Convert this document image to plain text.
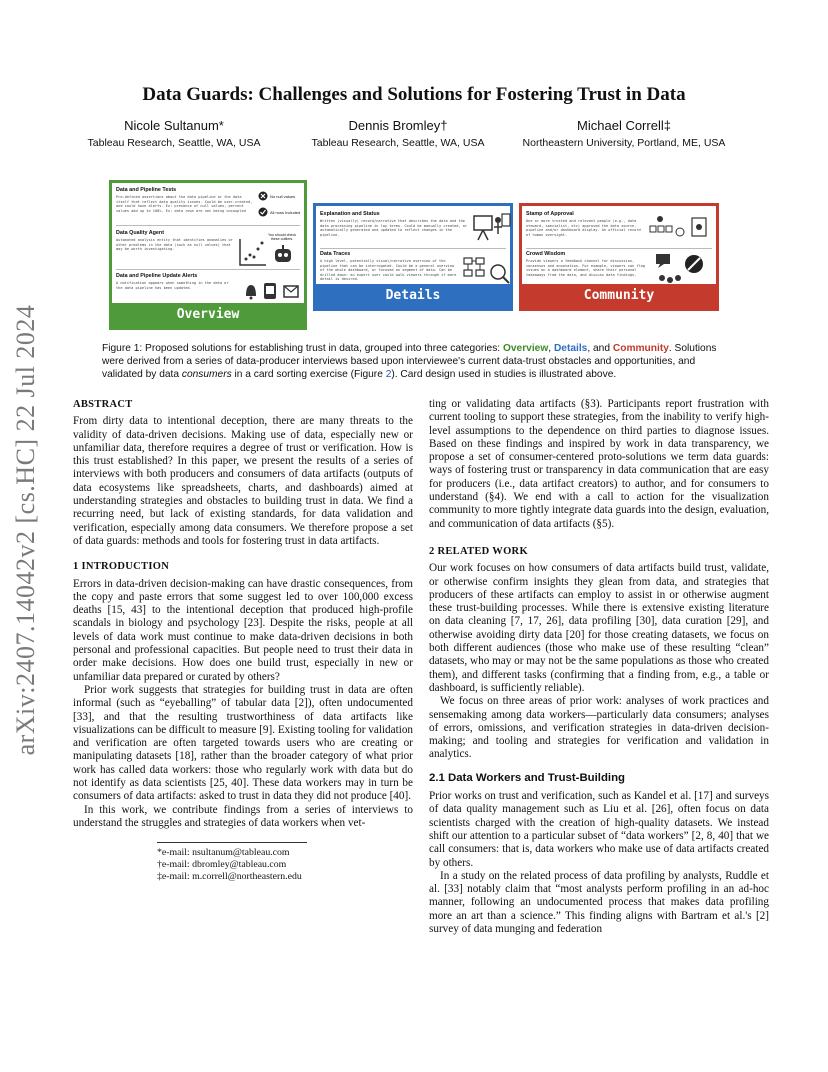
arXiv:2407.14042v2 [cs.HC] 22 Jul 2024
Data Guards: Challenges and Solutions for Fostering Trust in Data
Nicole Sultanum*
Tableau Research, Seattle, WA, USA
Dennis Bromley†
Tableau Research, Seattle, WA, USA
Michael Correll‡
Northeastern University, Portland, ME, USA
Data and Pipeline Tests
Pre-defined assertions about the data pipeline or the data itself that reflect data quality issues. Could be user-created, and could have alerts. Ex: presence of null values, percent values add up to 100%. Ex: data rows are not being uncoupled
No null values
All rows Included
Data Quality Agent
Automated analysis entity that identifies anomalies or other problems in the data (such as null values) that may be worth investigating.
You should check these outliers.
Data and Pipeline Update Alerts
A notification appears when something in the data or the data pipeline has been updated.
Overview
Explanation and Status
Written (visually) record/narrative that describes the data and the data processing pipeline in lay terms. Could be manually created, or automatically generated and updated to reflect changes in the pipeline.
Data Traces
A high level, potentially visual/narrative overview of the pipeline that can be interrogated. Could be a general overview of the whole dashboard, or focused on segment of data. Can be drilled down: an expert user could walk viewers through if more detail is desired.
Details
Stamp of Approval
One or more trusted and relevant people (e.g., data steward, specialist, etc) approved the data source, pipeline and/or dashboard display. An official record of human oversight.
Crowd Wisdom
Provide viewers a feedback channel for discussion, consensus and annotation. For example, viewers can flag issues on a dashboard element, share their personal takeaways from the data, and discuss data findings.
Community
Figure 1: Proposed solutions for establishing trust in data, grouped into three categories: Overview, Details, and Community. Solutions were derived from a series of data-producer interviews based upon interviewee's current data-trust obstacles and opportunities, and validated by data consumers in a card sorting exercise (Figure 2). Card design used in studies is illustrated above.
ABSTRACT

From dirty data to intentional deception, there are many threats to the validity of data-driven decisions. Making use of data, especially new or unfamiliar data, therefore requires a degree of trust or verification. How is this trust established? In this paper, we present the results of a series of interviews with both producers and consumers of data artifacts (outputs of data ecosystems like spreadsheets, charts, and dashboards) aimed at understanding strategies and obstacles to building trust in data. We find a recurring need, but lack of existing standards, for data validation and verification, especially among data consumers. We therefore propose a set of data guards: methods and tools for fostering trust in data artifacts.

1 INTRODUCTION

Errors in data-driven decision-making can have drastic consequences, from the copy and paste errors that some suggest led to over 100,000 excess deaths [15, 43] to the intentional deception that produced high-profile scandals in biology and psychology [23]. Despite the risks, people at all levels of data work must continue to make data-driven decisions in both personal and professional capacities. But people need to trust their data in order make decisions. How does one build trust, especially in new or unfamiliar data prepared or curated by others?

Prior work suggests that strategies for building trust in data are often informal (such as “eyeballing” of tabular data [2]), often undocumented [33], and that the resulting trustworthiness of data artifacts like visualizations can be difficult to measure [9]. Existing tooling for validation and verification are often targeted towards users who are creating or manipulating datasets [18], rather than the broader category of what prior work has called data workers: those who regularly work with data but do not identify as data scientists [25, 40]. These data workers may in turn be consumers of data artifacts: asked to trust in data they did not produce [40].

In this work, we contribute findings from a series of interviews to understand the struggles and strategies of data workers when vet-

*e-mail: nsultanum@tableau.com
†e-mail: dbromley@tableau.com
‡e-mail: m.correll@northeastern.edu

ting or validating data artifacts (§3). Participants report frustration with current tooling to support these strategies, from the inability to verify high-level assumptions to the dependence on third parties to diagnose issues. Based on these findings and inspired by work in data transparency, we propose a set of consumer-centered proto-solutions we term data guards: ways of fostering trust or transparency in data communication that are easy for producers (i.e., data artifact creators) to author, and for consumers to understand (§4). We end with a call to action for the visualization community to more tightly integrate data guards into the design, evaluation, and communication of data artifacts (§5).

2 RELATED WORK

Our work focuses on how consumers of data artifacts build trust, validate, or otherwise confirm insights they glean from data, and strategies that producers of these artifacts can employ to assist in or otherwise augment these trust-building processes. While there is extensive existing literature on data cleaning [7, 17, 26], data profiling [30], data curation [29], and otherwise avoiding dirty data [20] for those creating datasets, we focus on both different audiences (those who make use of these resulting “clean” datasets, who may or may not be the same populations as those who created them), and different tasks (confirming that a finding from, e.g., a table or dashboard, is sufficiently reliable).

We focus on three areas of prior work: analyses of work practices and sensemaking among data workers—particularly data consumers; analyses of errors, omissions, and verification strategies in data-driven decision-making; and tooling and strategies for verification and validation in analytics.

2.1 Data Workers and Trust-Building

Prior works on trust and verification, such as Kandel et al. [17] and surveys of data quality management such as Liu et al. [26], often focus on data scientists charged with the creation of high-quality datasets. We instead shift our attention to a particular subset of “data workers” [2, 8, 40] that we call consumers: that is, data workers who make use of data artifacts created by others.

In a study on the related process of data profiling by analysts, Ruddle et al. [33] notably claim that “most analysts perform profiling in an ad-hoc manner, following an undocumented process that makes data profiling more an art than a science.” This finding aligns with Bartram et al.'s [2] survey of data munging and federation
